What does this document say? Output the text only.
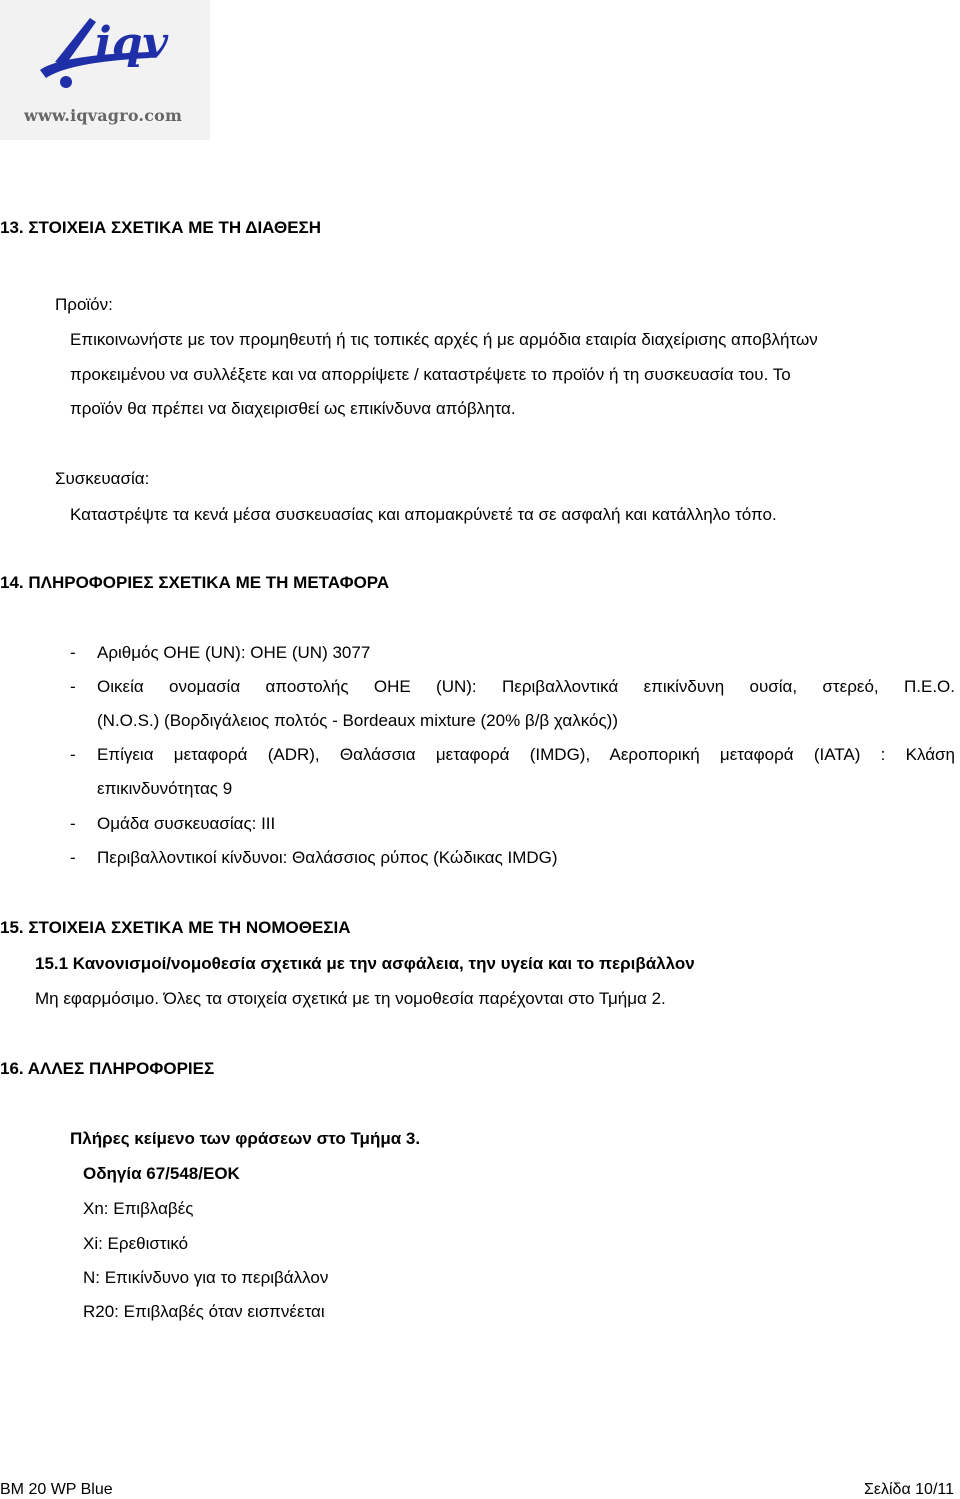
iqv
www.iqvagro.com
13. ΣΤΟΙΧΕΙΑ ΣΧΕΤΙΚΑ ΜΕ ΤΗ ΔΙΑΘΕΣΗ
Προϊόν:
Επικοινωνήστε με τον προμηθευτή ή τις τοπικές αρχές ή με αρμόδια εταιρία διαχείρισης αποβλήτων
προκειμένου να συλλέξετε και να απορρίψετε / καταστρέψετε το προϊόν ή τη συσκευασία του. Το
προϊόν θα πρέπει να διαχειρισθεί ως επικίνδυνα απόβλητα.
Συσκευασία:
Καταστρέψτε τα κενά μέσα συσκευασίας και απομακρύνετέ τα σε ασφαλή και κατάλληλο τόπο.
14. ΠΛΗΡΟΦΟΡΙΕΣ ΣΧΕΤΙΚΑ ΜΕ ΤΗ ΜΕΤΑΦΟΡΑ
- Αριθμός ΟΗΕ (UN): ΟΗΕ (UN) 3077
- Οικεία ονομασία αποστολής ΟΗΕ (UN): Περιβαλλοντικά επικίνδυνη ουσία, στερεό, Π.Ε.Ο.
(N.O.S.) (Βορδιγάλειος πολτός - Bordeaux mixture (20% β/β χαλκός))
- Επίγεια μεταφορά (ADR), Θαλάσσια μεταφορά (IMDG), Αεροπορική μεταφορά (IATA) : Κλάση
επικινδυνότητας 9
- Ομάδα συσκευασίας: III
- Περιβαλλοντικοί κίνδυνοι: Θαλάσσιος ρύπος (Κώδικας IMDG)
15. ΣΤΟΙΧΕΙΑ ΣΧΕΤΙΚΑ ΜΕ ΤΗ ΝΟΜΟΘΕΣΙΑ
15.1 Κανονισμοί/νομοθεσία σχετικά με την ασφάλεια, την υγεία και το περιβάλλον
Μη εφαρμόσιμο. Όλες τα στοιχεία σχετικά με τη νομοθεσία παρέχονται στο Τμήμα 2.
16. ΑΛΛΕΣ ΠΛΗΡΟΦΟΡΙΕΣ
Πλήρες κείμενο των φράσεων στο Τμήμα 3.
Οδηγία 67/548/ΕΟΚ
Xn: Επιβλαβές
Xi: Ερεθιστικό
N: Επικίνδυνο για το περιβάλλον
R20: Επιβλαβές όταν εισπνέεται
BM 20 WP Blue	Σελίδα 10/11
